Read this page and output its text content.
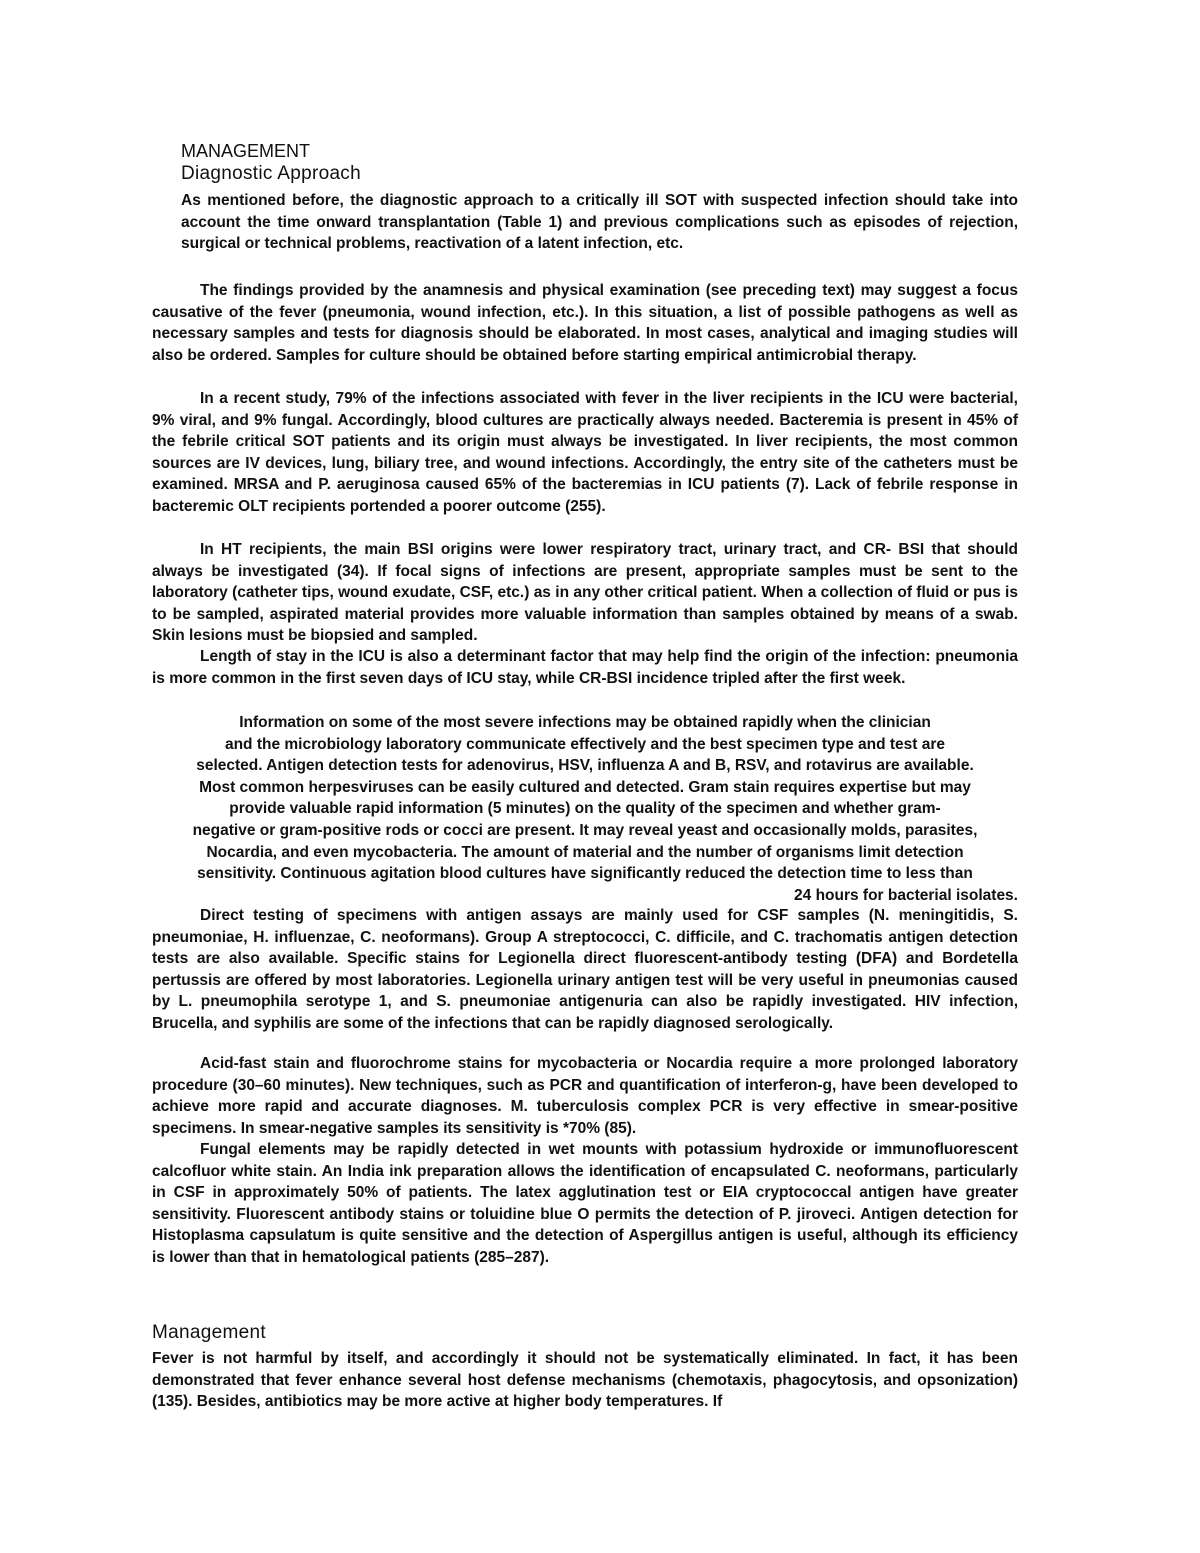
MANAGEMENT
Diagnostic Approach

As mentioned before, the diagnostic approach to a critically ill SOT with suspected infection should take into account the time onward transplantation (Table 1) and previous complications such as episodes of rejection, surgical or technical problems, reactivation of a latent infection, etc.

The findings provided by the anamnesis and physical examination (see preceding text) may suggest a focus causative of the fever (pneumonia, wound infection, etc.). In this situation, a list of possible pathogens as well as necessary samples and tests for diagnosis should be elaborated. In most cases, analytical and imaging studies will also be ordered. Samples for culture should be obtained before starting empirical antimicrobial therapy.

In a recent study, 79% of the infections associated with fever in the liver recipients in the ICU were bacterial, 9% viral, and 9% fungal. Accordingly, blood cultures are practically always needed. Bacteremia is present in 45% of the febrile critical SOT patients and its origin must always be investigated. In liver recipients, the most common sources are IV devices, lung, biliary tree, and wound infections. Accordingly, the entry site of the catheters must be examined. MRSA and P. aeruginosa caused 65% of the bacteremias in ICU patients (7). Lack of febrile response in bacteremic OLT recipients portended a poorer outcome (255).

In HT recipients, the main BSI origins were lower respiratory tract, urinary tract, and CR- BSI that should always be investigated (34). If focal signs of infections are present, appropriate samples must be sent to the laboratory (catheter tips, wound exudate, CSF, etc.) as in any other critical patient. When a collection of fluid or pus is to be sampled, aspirated material provides more valuable information than samples obtained by means of a swab. Skin lesions must be biopsied and sampled.

Length of stay in the ICU is also a determinant factor that may help find the origin of the infection: pneumonia is more common in the first seven days of ICU stay, while CR-BSI incidence tripled after the first week.

Information on some of the most severe infections may be obtained rapidly when the clinician
and the microbiology laboratory communicate effectively and the best specimen type and test are
selected. Antigen detection tests for adenovirus, HSV, influenza A and B, RSV, and rotavirus are available.
Most common herpesviruses can be easily cultured and detected. Gram stain requires expertise but may
provide valuable rapid information (5 minutes) on the quality of the specimen and whether gram-
negative or gram-positive rods or cocci are present. It may reveal yeast and occasionally molds, parasites,
Nocardia, and even mycobacteria. The amount of material and the number of organisms limit detection
sensitivity. Continuous agitation blood cultures have significantly reduced the detection time to less than
24 hours for bacterial isolates.

Direct testing of specimens with antigen assays are mainly used for CSF samples (N. meningitidis, S. pneumoniae, H. influenzae, C. neoformans). Group A streptococci, C. difficile, and C. trachomatis antigen detection tests are also available. Specific stains for Legionella direct fluorescent-antibody testing (DFA) and Bordetella pertussis are offered by most laboratories. Legionella urinary antigen test will be very useful in pneumonias caused by L. pneumophila serotype 1, and S. pneumoniae antigenuria can also be rapidly investigated. HIV infection, Brucella, and syphilis are some of the infections that can be rapidly diagnosed serologically.

Acid-fast stain and fluorochrome stains for mycobacteria or Nocardia require a more prolonged laboratory procedure (30–60 minutes). New techniques, such as PCR and quantification of interferon-g, have been developed to achieve more rapid and accurate diagnoses. M. tuberculosis complex PCR is very effective in smear-positive specimens. In smear-negative samples its sensitivity is *70% (85).

Fungal elements may be rapidly detected in wet mounts with potassium hydroxide or immunofluorescent calcofluor white stain. An India ink preparation allows the identification of encapsulated C. neoformans, particularly in CSF in approximately 50% of patients. The latex agglutination test or EIA cryptococcal antigen have greater sensitivity. Fluorescent antibody stains or toluidine blue O permits the detection of P. jiroveci. Antigen detection for Histoplasma capsulatum is quite sensitive and the detection of Aspergillus antigen is useful, although its efficiency is lower than that in hematological patients (285–287).

Management

Fever is not harmful by itself, and accordingly it should not be systematically eliminated. In fact, it has been demonstrated that fever enhance several host defense mechanisms (chemotaxis, phagocytosis, and opsonization) (135). Besides, antibiotics may be more active at higher body temperatures. If
